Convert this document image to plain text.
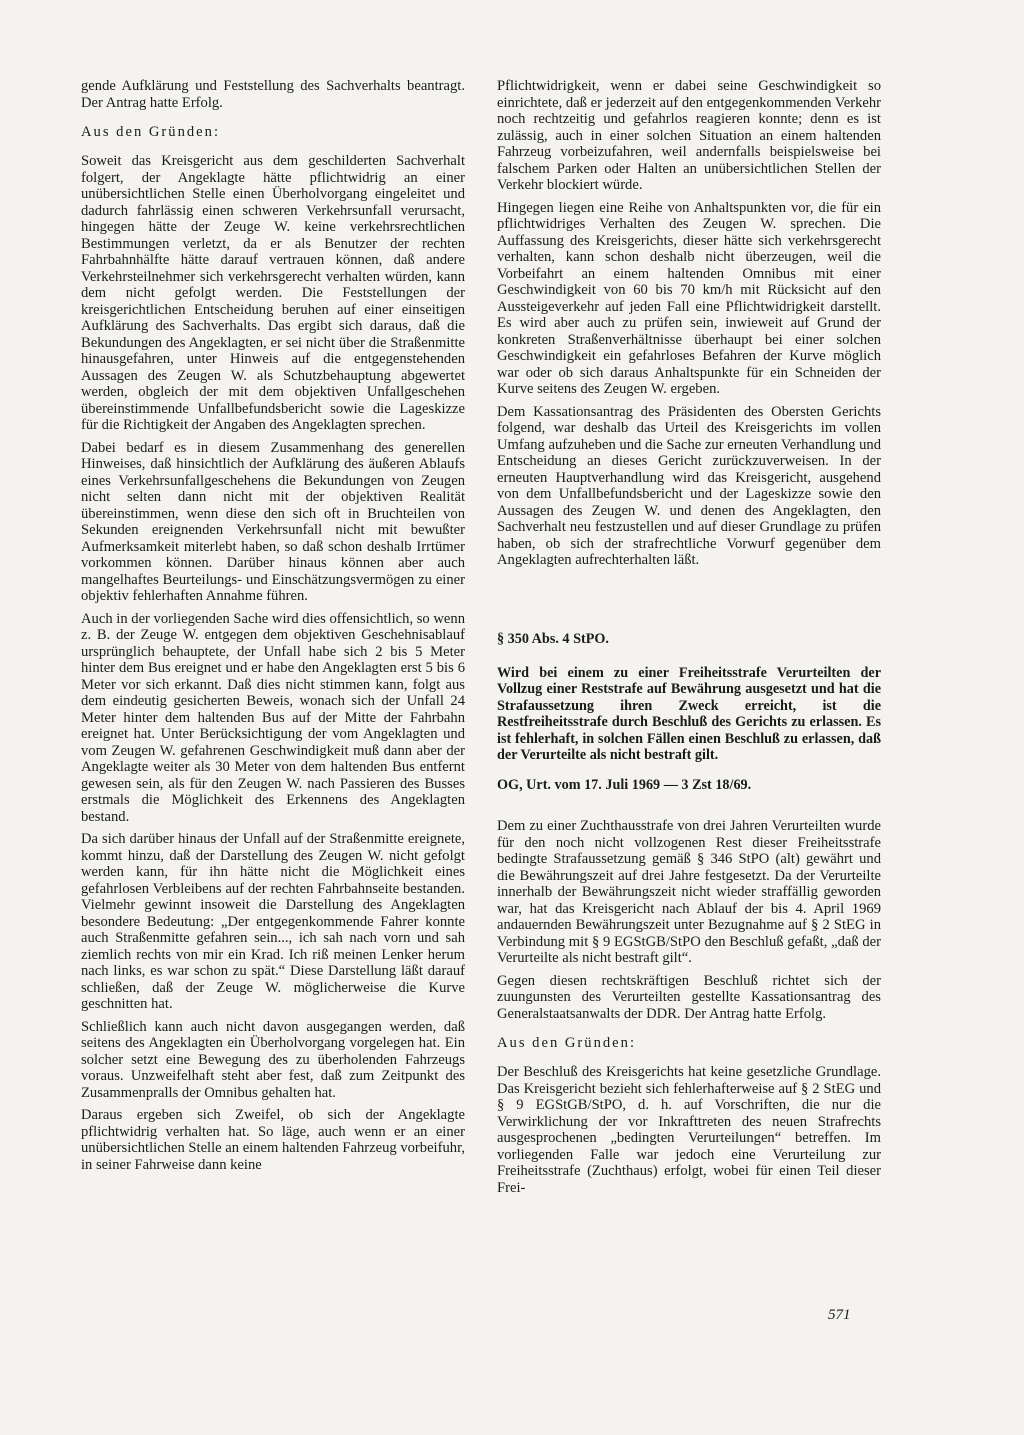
gende Aufklärung und Feststellung des Sachverhalts beantragt. Der Antrag hatte Erfolg.

Aus den Gründen:

Soweit das Kreisgericht aus dem geschilderten Sachverhalt folgert, der Angeklagte hätte pflichtwidrig an einer unübersichtlichen Stelle einen Überholvorgang eingeleitet und dadurch fahrlässig einen schweren Verkehrsunfall verursacht, hingegen hätte der Zeuge W. keine verkehrsrechtlichen Bestimmungen verletzt, da er als Benutzer der rechten Fahrbahnhälfte hätte darauf vertrauen können, daß andere Verkehrsteilnehmer sich verkehrsgerecht verhalten würden, kann dem nicht gefolgt werden. Die Feststellungen der kreisgerichtlichen Entscheidung beruhen auf einer einseitigen Aufklärung des Sachverhalts. Das ergibt sich daraus, daß die Bekundungen des Angeklagten, er sei nicht über die Straßenmitte hinausgefahren, unter Hinweis auf die entgegenstehenden Aussagen des Zeugen W. als Schutzbehauptung abgewertet werden, obgleich der mit dem objektiven Unfallgeschehen übereinstimmende Unfallbefundsbericht sowie die Lageskizze für die Richtigkeit der Angaben des Angeklagten sprechen.

Dabei bedarf es in diesem Zusammenhang des generellen Hinweises, daß hinsichtlich der Aufklärung des äußeren Ablaufs eines Verkehrsunfallgeschehens die Bekundungen von Zeugen nicht selten dann nicht mit der objektiven Realität übereinstimmen, wenn diese den sich oft in Bruchteilen von Sekunden ereignenden Verkehrsunfall nicht mit bewußter Aufmerksamkeit miterlebt haben, so daß schon deshalb Irrtümer vorkommen können. Darüber hinaus können aber auch mangelhaftes Beurteilungs- und Einschätzungsvermögen zu einer objektiv fehlerhaften Annahme führen.

Auch in der vorliegenden Sache wird dies offensichtlich, so wenn z. B. der Zeuge W. entgegen dem objektiven Geschehnisablauf ursprünglich behauptete, der Unfall habe sich 2 bis 5 Meter hinter dem Bus ereignet und er habe den Angeklagten erst 5 bis 6 Meter vor sich erkannt. Daß dies nicht stimmen kann, folgt aus dem eindeutig gesicherten Beweis, wonach sich der Unfall 24 Meter hinter dem haltenden Bus auf der Mitte der Fahrbahn ereignet hat. Unter Berücksichtigung der vom Angeklagten und vom Zeugen W. gefahrenen Geschwindigkeit muß dann aber der Angeklagte weiter als 30 Meter von dem haltenden Bus entfernt gewesen sein, als für den Zeugen W. nach Passieren des Busses erstmals die Möglichkeit des Erkennens des Angeklagten bestand.

Da sich darüber hinaus der Unfall auf der Straßenmitte ereignete, kommt hinzu, daß der Darstellung des Zeugen W. nicht gefolgt werden kann, für ihn hätte nicht die Möglichkeit eines gefahrlosen Verbleibens auf der rechten Fahrbahnseite bestanden. Vielmehr gewinnt insoweit die Darstellung des Angeklagten besondere Bedeutung: „Der entgegenkommende Fahrer konnte auch Straßenmitte gefahren sein..., ich sah nach vorn und sah ziemlich rechts von mir ein Krad. Ich riß meinen Lenker herum nach links, es war schon zu spät.“ Diese Darstellung läßt darauf schließen, daß der Zeuge W. möglicherweise die Kurve geschnitten hat.

Schließlich kann auch nicht davon ausgegangen werden, daß seitens des Angeklagten ein Überholvorgang vorgelegen hat. Ein solcher setzt eine Bewegung des zu überholenden Fahrzeugs voraus. Unzweifelhaft steht aber fest, daß zum Zeitpunkt des Zusammenpralls der Omnibus gehalten hat.

Daraus ergeben sich Zweifel, ob sich der Angeklagte pflichtwidrig verhalten hat. So läge, auch wenn er an einer unübersichtlichen Stelle an einem haltenden Fahrzeug vorbeifuhr, in seiner Fahrweise dann keine

Pflichtwidrigkeit, wenn er dabei seine Geschwindigkeit so einrichtete, daß er jederzeit auf den entgegenkommenden Verkehr noch rechtzeitig und gefahrlos reagieren konnte; denn es ist zulässig, auch in einer solchen Situation an einem haltenden Fahrzeug vorbeizufahren, weil andernfalls beispielsweise bei falschem Parken oder Halten an unübersichtlichen Stellen der Verkehr blockiert würde.

Hingegen liegen eine Reihe von Anhaltspunkten vor, die für ein pflichtwidriges Verhalten des Zeugen W. sprechen. Die Auffassung des Kreisgerichts, dieser hätte sich verkehrsgerecht verhalten, kann schon deshalb nicht überzeugen, weil die Vorbeifahrt an einem haltenden Omnibus mit einer Geschwindigkeit von 60 bis 70 km/h mit Rücksicht auf den Aussteigeverkehr auf jeden Fall eine Pflichtwidrigkeit darstellt. Es wird aber auch zu prüfen sein, inwieweit auf Grund der konkreten Straßenverhältnisse überhaupt bei einer solchen Geschwindigkeit ein gefahrloses Befahren der Kurve möglich war oder ob sich daraus Anhaltspunkte für ein Schneiden der Kurve seitens des Zeugen W. ergeben.

Dem Kassationsantrag des Präsidenten des Obersten Gerichts folgend, war deshalb das Urteil des Kreisgerichts im vollen Umfang aufzuheben und die Sache zur erneuten Verhandlung und Entscheidung an dieses Gericht zurückzuverweisen. In der erneuten Hauptverhandlung wird das Kreisgericht, ausgehend von dem Unfallbefundsbericht und der Lageskizze sowie den Aussagen des Zeugen W. und denen des Angeklagten, den Sachverhalt neu festzustellen und auf dieser Grundlage zu prüfen haben, ob sich der strafrechtliche Vorwurf gegenüber dem Angeklagten aufrechterhalten läßt.

§ 350 Abs. 4 StPO.

Wird bei einem zu einer Freiheitsstrafe Verurteilten der Vollzug einer Reststrafe auf Bewährung ausgesetzt und hat die Strafaussetzung ihren Zweck erreicht, ist die Restfreiheitsstrafe durch Beschluß des Gerichts zu erlassen. Es ist fehlerhaft, in solchen Fällen einen Beschluß zu erlassen, daß der Verurteilte als nicht bestraft gilt.

OG, Urt. vom 17. Juli 1969 — 3 Zst 18/69.

Dem zu einer Zuchthausstrafe von drei Jahren Verurteilten wurde für den noch nicht vollzogenen Rest dieser Freiheitsstrafe bedingte Strafaussetzung gemäß § 346 StPO (alt) gewährt und die Bewährungszeit auf drei Jahre festgesetzt. Da der Verurteilte innerhalb der Bewährungszeit nicht wieder straffällig geworden war, hat das Kreisgericht nach Ablauf der bis 4. April 1969 andauernden Bewährungszeit unter Bezugnahme auf § 2 StEG in Verbindung mit § 9 EGStGB/StPO den Beschluß gefaßt, „daß der Verurteilte als nicht bestraft gilt“.

Gegen diesen rechtskräftigen Beschluß richtet sich der zuungunsten des Verurteilten gestellte Kassationsantrag des Generalstaatsanwalts der DDR. Der Antrag hatte Erfolg.

Aus den Gründen:

Der Beschluß des Kreisgerichts hat keine gesetzliche Grundlage. Das Kreisgericht bezieht sich fehlerhafterweise auf § 2 StEG und § 9 EGStGB/StPO, d. h. auf Vorschriften, die nur die Verwirklichung der vor Inkrafttreten des neuen Strafrechts ausgesprochenen „bedingten Verurteilungen“ betreffen. Im vorliegenden Falle war jedoch eine Verurteilung zur Freiheitsstrafe (Zuchthaus) erfolgt, wobei für einen Teil dieser Frei-

571
